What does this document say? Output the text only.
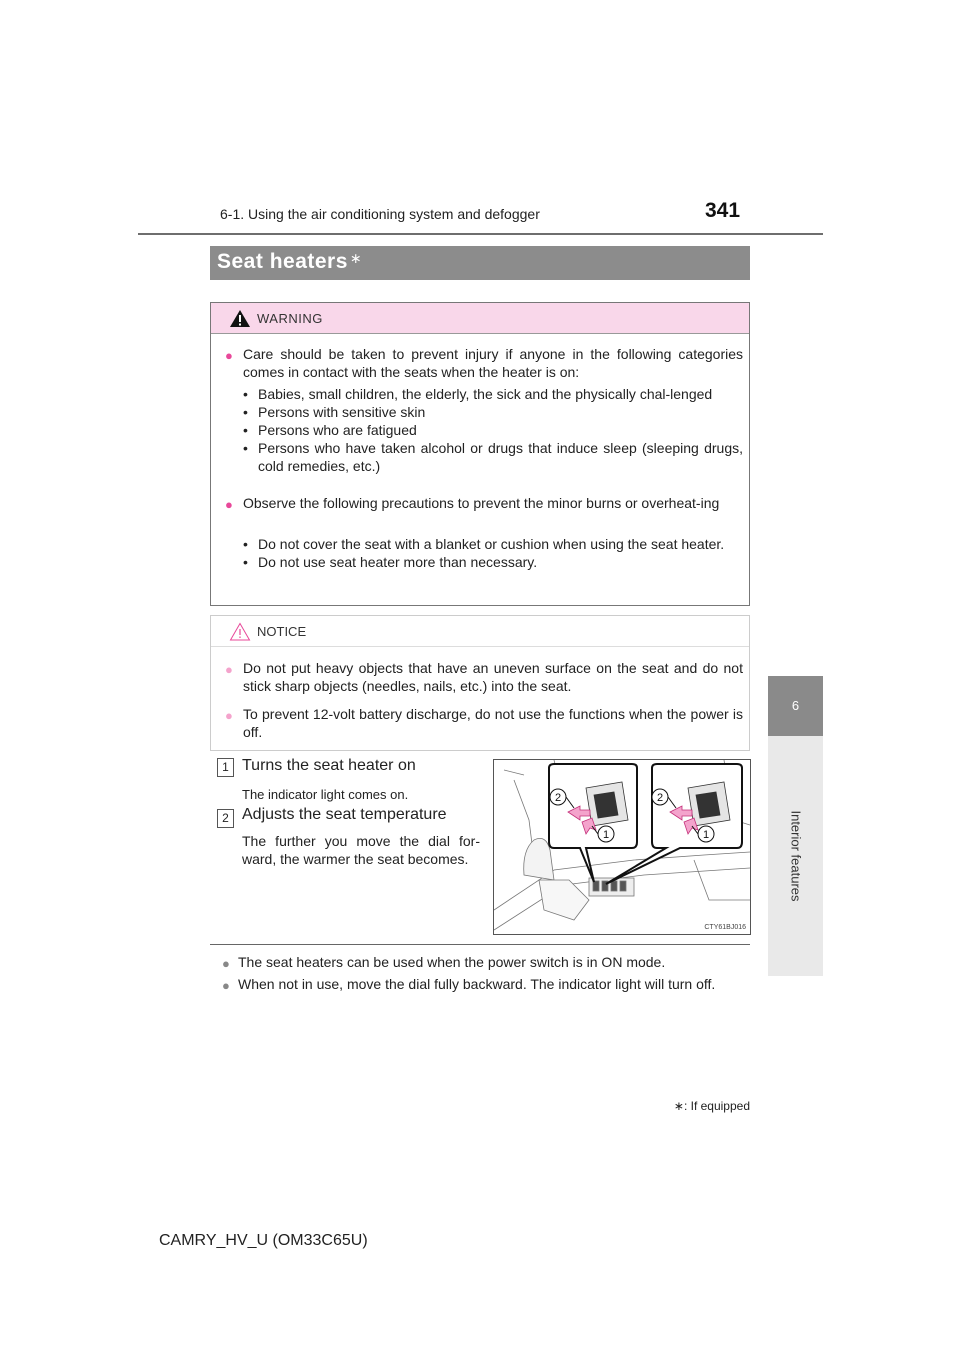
6-1. Using the air conditioning system and defogger	341
6
Interior features
Seat heaters ∗
WARNING
● Care should be taken to prevent injury if anyone in the following categories comes in contact with the seats when the heater is on:
• Babies, small children, the elderly, the sick and the physically chal-lenged
• Persons with sensitive skin
• Persons who are fatigued
• Persons who have taken alcohol or drugs that induce sleep (sleeping drugs, cold remedies, etc.)
● Observe the following precautions to prevent the minor burns or overheat-ing
• Do not cover the seat with a blanket or cushion when using the seat heater.
• Do not use seat heater more than necessary.
NOTICE
● Do not put heavy objects that have an uneven surface on the seat and do not stick sharp objects (needles, nails, etc.) into the seat.
● To prevent 12-volt battery discharge, do not use the functions when the power is off.
1 Turns the seat heater on
The indicator light comes on.
2 Adjusts the seat temperature
The further you move the dial for-ward, the warmer the seat becomes.
2
1
2
1
CTY61BJ016
● The seat heaters can be used when the power switch is in ON mode.
● When not in use, move the dial fully backward. The indicator light will turn off.
∗: If equipped
CAMRY_HV_U (OM33C65U)
